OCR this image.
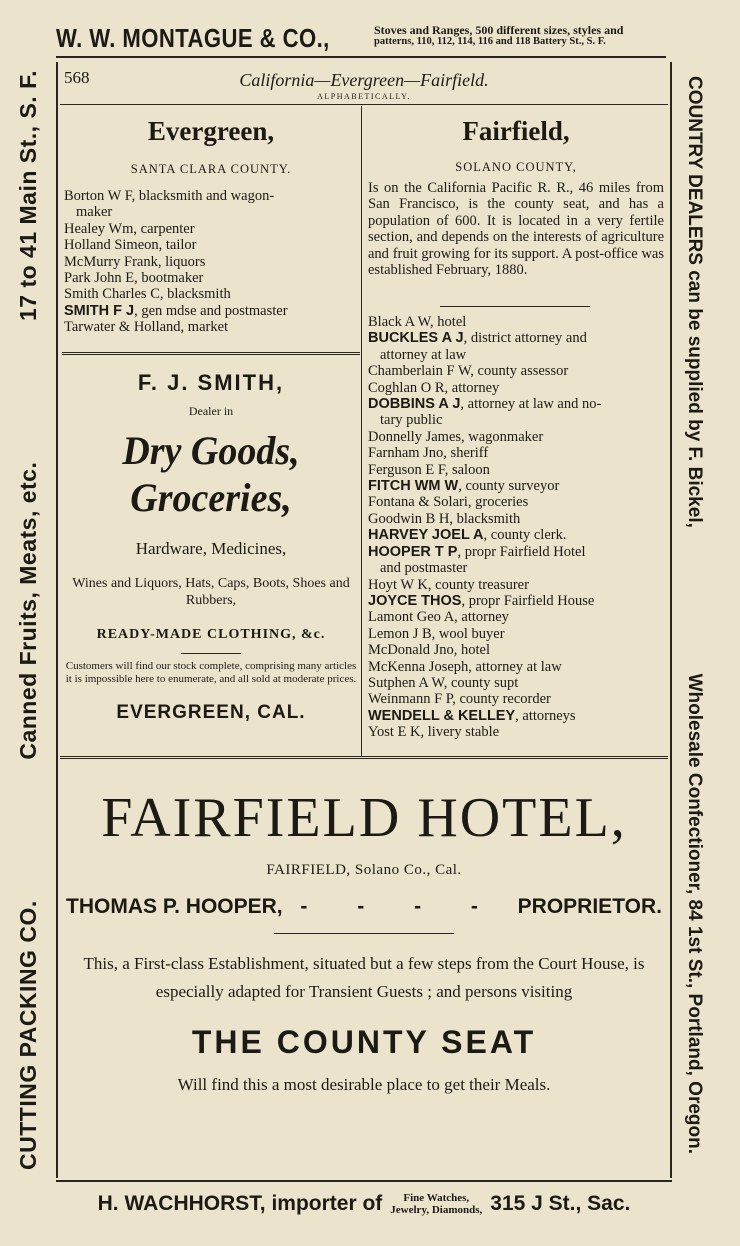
W. W. MONTAGUE & CO.,	Stoves and Ranges, 500 different sizes, styles and
patterns, 110, 112, 114, 116 and 118 Battery St., S. F.
CUTTING PACKING CO.
Canned Fruits, Meats, etc.
17 to 41 Main St., S. F.	COUNTRY DEALERS can be supplied by F. Bickel,
Wholesale Confectioner, 84 1st St., Portland, Oregon.
568	California—Evergreen—Fairfield.
ALPHABETICALLY.
Evergreen,
SANTA CLARA COUNTY.
Borton W F, blacksmith and wagon-
maker
Healey Wm, carpenter
Holland Simeon, tailor
McMurry Frank, liquors
Park John E, bootmaker
Smith Charles C, blacksmith
SMITH F J, gen mdse and postmaster
Tarwater & Holland, market
F. J. SMITH,
Dealer in
Dry Goods, Groceries,
Hardware, Medicines,
Wines and Liquors, Hats, Caps, Boots, Shoes and Rubbers,
READY-MADE CLOTHING, &c.
Customers will find our stock complete, comprising many articles it is impossible here to enumerate, and all sold at moderate prices.
EVERGREEN, CAL.
Fairfield,
SOLANO COUNTY,
Is on the California Pacific R. R., 46 miles from San Francisco, is the county seat, and has a population of 600. It is located in a very fertile section, and depends on the interests of agriculture and fruit growing for its support. A post-office was established February, 1880.
Black A W, hotel
BUCKLES A J, district attorney and
attorney at law
Chamberlain F W, county assessor
Coghlan O R, attorney
DOBBINS A J, attorney at law and no-
tary public
Donnelly James, wagonmaker
Farnham Jno, sheriff
Ferguson E F, saloon
FITCH WM W, county surveyor
Fontana & Solari, groceries
Goodwin B H, blacksmith
HARVEY JOEL A, county clerk.
HOOPER T P, propr Fairfield Hotel
and postmaster
Hoyt W K, county treasurer
JOYCE THOS, propr Fairfield House
Lamont Geo A, attorney
Lemon J B, wool buyer
McDonald Jno, hotel
McKenna Joseph, attorney at law
Sutphen A W, county supt
Weinmann F P, county recorder
WENDELL & KELLEY, attorneys
Yost E K, livery stable
FAIRFIELD HOTEL,
FAIRFIELD, Solano Co., Cal.
THOMAS P. HOOPER, - - - - PROPRIETOR.
This, a First-class Establishment, situated but a few steps from the Court House, is especially adapted for Transient Guests ; and persons visiting
THE COUNTY SEAT
Will find this a most desirable place to get their Meals.
H. WACHHORST, importer of	Fine Watches,
Jewelry, Diamonds, 315 J St., Sac.
